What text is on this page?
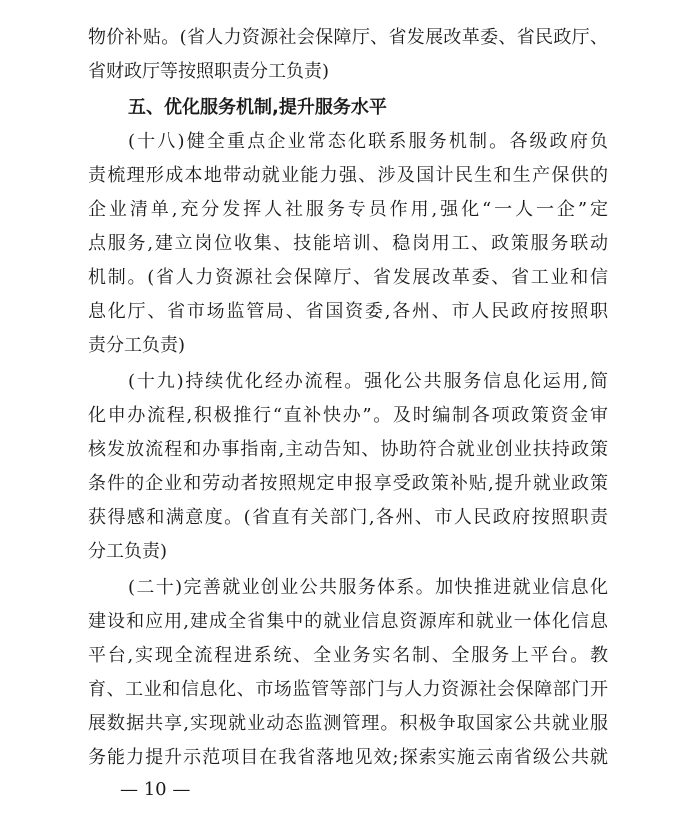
物价补贴。(省人力资源社会保障厅、省发展改革委、省民政厅、
省财政厅等按照职责分工负责)
五、优化服务机制,提升服务水平
(十八)健全重点企业常态化联系服务机制。各级政府负
责梳理形成本地带动就业能力强、涉及国计民生和生产保供的
企业清单,充分发挥人社服务专员作用,强化“一人一企”定
点服务,建立岗位收集、技能培训、稳岗用工、政策服务联动
机制。(省人力资源社会保障厅、省发展改革委、省工业和信
息化厅、省市场监管局、省国资委,各州、市人民政府按照职
责分工负责)
(十九)持续优化经办流程。强化公共服务信息化运用,简
化申办流程,积极推行“直补快办”。及时编制各项政策资金审
核发放流程和办事指南,主动告知、协助符合就业创业扶持政策
条件的企业和劳动者按照规定申报享受政策补贴,提升就业政策
获得感和满意度。(省直有关部门,各州、市人民政府按照职责
分工负责)
(二十)完善就业创业公共服务体系。加快推进就业信息化
建设和应用,建成全省集中的就业信息资源库和就业一体化信息
平台,实现全流程进系统、全业务实名制、全服务上平台。教
育、工业和信息化、市场监管等部门与人力资源社会保障部门开
展数据共享,实现就业动态监测管理。积极争取国家公共就业服
务能力提升示范项目在我省落地见效;探索实施云南省级公共就
— 10 —
